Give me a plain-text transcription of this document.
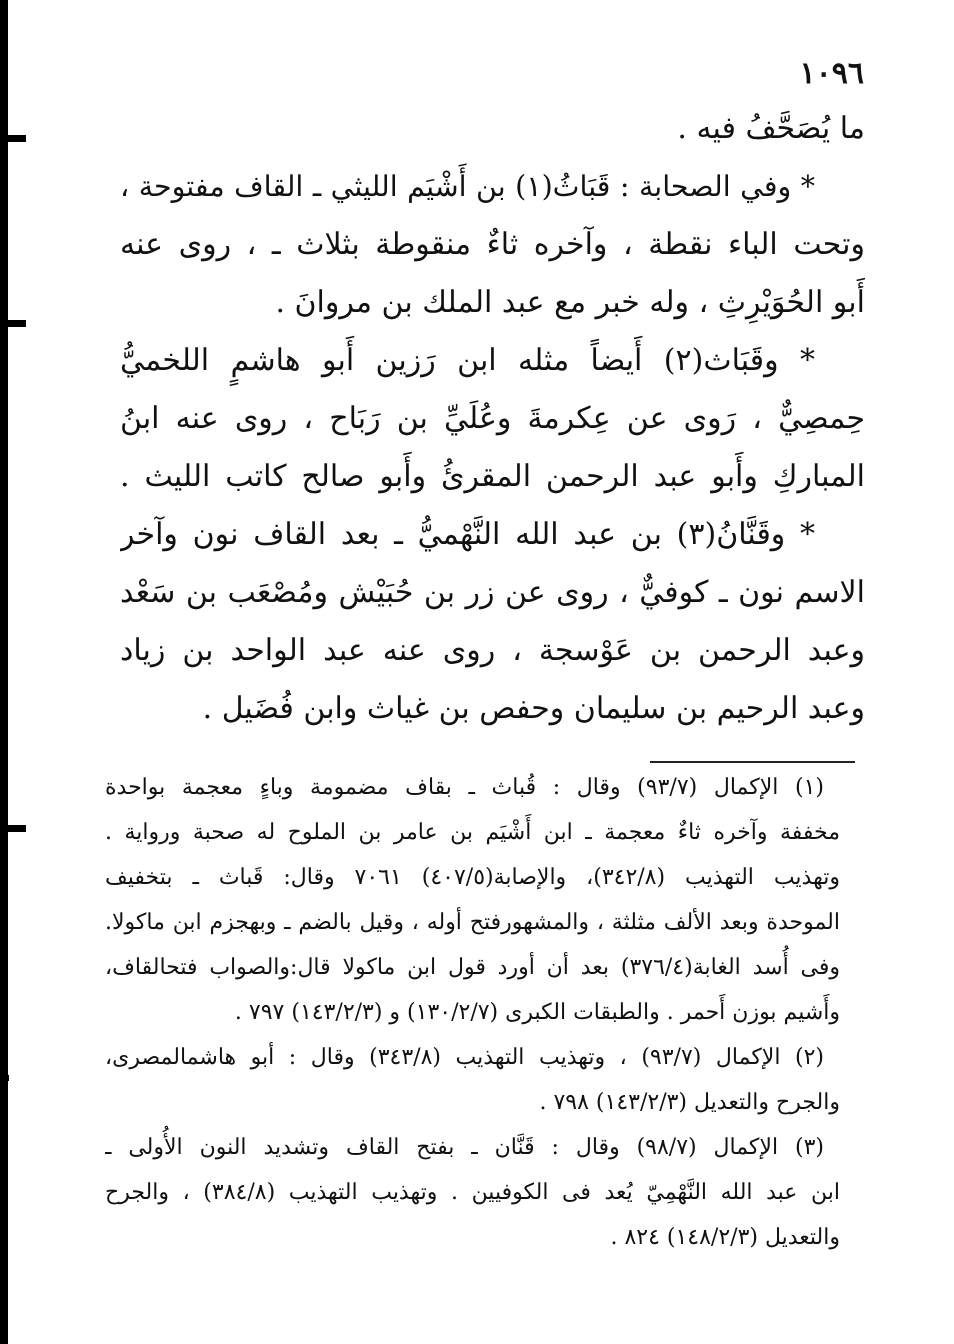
١٠٩٦
ما يُصَحَّفُ فيه .
* وفي الصحابة : قَبَاثُ(١) بن أَشْيَم الليثي ـ القاف مفتوحة ،
وتحت الباء نقطة ، وآخره ثاءٌ منقوطة بثلاث ـ ، روى عنه
أَبو الحُوَيْرِثِ ، وله خبر مع عبد الملك بن مروانَ .
* وقَبَاث(٢) أَيضاً مثله ابن رَزين أَبو هاشمٍ اللخميُّ
حِمصِيٌّ ، رَوى عن عِكرمةَ وعُلَيِّ بن رَبَاح ، روى عنه ابنُ
المباركِ وأَبو عبد الرحمن المقرئُ وأَبو صالح كاتب الليث .
* وقَنَّانُ(٣) بن عبد الله النَّهْميُّ ـ بعد القاف نون وآخر
الاسم نون ـ كوفيٌّ ، روى عن زر بن حُبَيْش ومُصْعَب بن سَعْد
وعبد الرحمن بن عَوْسجة ، روى عنه عبد الواحد بن زياد
وعبد الرحيم بن سليمان وحفص بن غياث وابن فُضَيل .
(١) الإكمال (٩٣/٧) وقال : قُباث ـ بقاف مضمومة وباءٍ معجمة بواحدة
مخففة وآخره ثاءٌ معجمة ـ ابن أَشْيَم بن عامر بن الملوح له صحبة ورواية .
وتهذيب التهذيب (٣٤٢/٨)، والإصابة(٤٠٧/٥) ٧٠٦١ وقال: قَباث ـ بتخفيف
الموحدة وبعد الألف مثلثة ، والمشهورفتح أوله ، وقيل بالضم ـ وبهجزم ابن ماكولا.
وفى أُسد الغابة(٣٧٦/٤) بعد أن أورد قول ابن ماكولا قال:والصواب فتحالقاف،
وأَشيم بوزن أَحمر . والطبقات الكبرى (١٣٠/٢/٧) و (١٤٣/٢/٣) ٧٩٧ .
(٢) الإكمال (٩٣/٧) ، وتهذيب التهذيب (٣٤٣/٨) وقال : أبو هاشمالمصرى،
والجرح والتعديل (١٤٣/٢/٣) ٧٩٨ .
(٣) الإكمال (٩٨/٧) وقال : قَنَّان ـ بفتح القاف وتشديد النون الأُولى ـ
ابن عبد الله النَّهْمِيّ يُعد فى الكوفيين . وتهذيب التهذيب (٣٨٤/٨) ، والجرح
والتعديل (١٤٨/٢/٣) ٨٢٤ .
